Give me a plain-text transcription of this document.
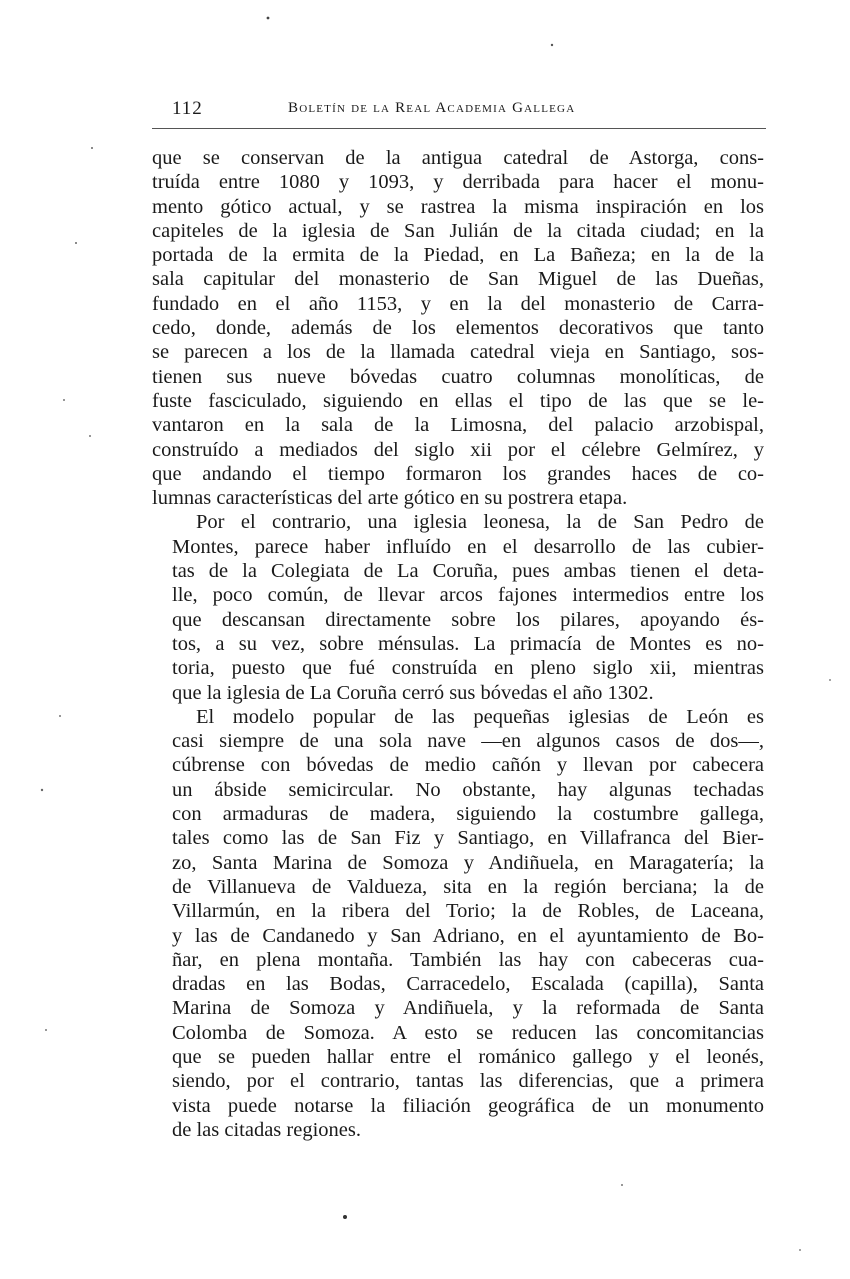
112	Boletín de la Real Academia Gallega

que se conservan de la antigua catedral de Astorga, cons-
truída entre 1080 y 1093, y derribada para hacer el monu-
mento gótico actual, y se rastrea la misma inspiración en los
capiteles de la iglesia de San Julián de la citada ciudad; en la
portada de la ermita de la Piedad, en La Bañeza; en la de la
sala capitular del monasterio de San Miguel de las Dueñas,
fundado en el año 1153, y en la del monasterio de Carra-
cedo, donde, además de los elementos decorativos que tanto
se parecen a los de la llamada catedral vieja en Santiago, sos-
tienen sus nueve bóvedas cuatro columnas monolíticas, de
fuste fasciculado, siguiendo en ellas el tipo de las que se le-
vantaron en la sala de la Limosna, del palacio arzobispal,
construído a mediados del siglo xii por el célebre Gelmírez, y
que andando el tiempo formaron los grandes haces de co-
lumnas características del arte gótico en su postrera etapa.

Por el contrario, una iglesia leonesa, la de San Pedro de
Montes, parece haber influído en el desarrollo de las cubier-
tas de la Colegiata de La Coruña, pues ambas tienen el deta-
lle, poco común, de llevar arcos fajones intermedios entre los
que descansan directamente sobre los pilares, apoyando és-
tos, a su vez, sobre ménsulas. La primacía de Montes es no-
toria, puesto que fué construída en pleno siglo xii, mientras
que la iglesia de La Coruña cerró sus bóvedas el año 1302.

El modelo popular de las pequeñas iglesias de León es
casi siempre de una sola nave —en algunos casos de dos—,
cúbrense con bóvedas de medio cañón y llevan por cabecera
un ábside semicircular. No obstante, hay algunas techadas
con armaduras de madera, siguiendo la costumbre gallega,
tales como las de San Fiz y Santiago, en Villafranca del Bier-
zo, Santa Marina de Somoza y Andiñuela, en Maragatería; la
de Villanueva de Valdueza, sita en la región berciana; la de
Villarmún, en la ribera del Torio; la de Robles, de Laceana,
y las de Candanedo y San Adriano, en el ayuntamiento de Bo-
ñar, en plena montaña. También las hay con cabeceras cua-
dradas en las Bodas, Carracedelo, Escalada (capilla), Santa
Marina de Somoza y Andiñuela, y la reformada de Santa
Colomba de Somoza. A esto se reducen las concomitancias
que se pueden hallar entre el románico gallego y el leonés,
siendo, por el contrario, tantas las diferencias, que a primera
vista puede notarse la filiación geográfica de un monumento
de las citadas regiones.
